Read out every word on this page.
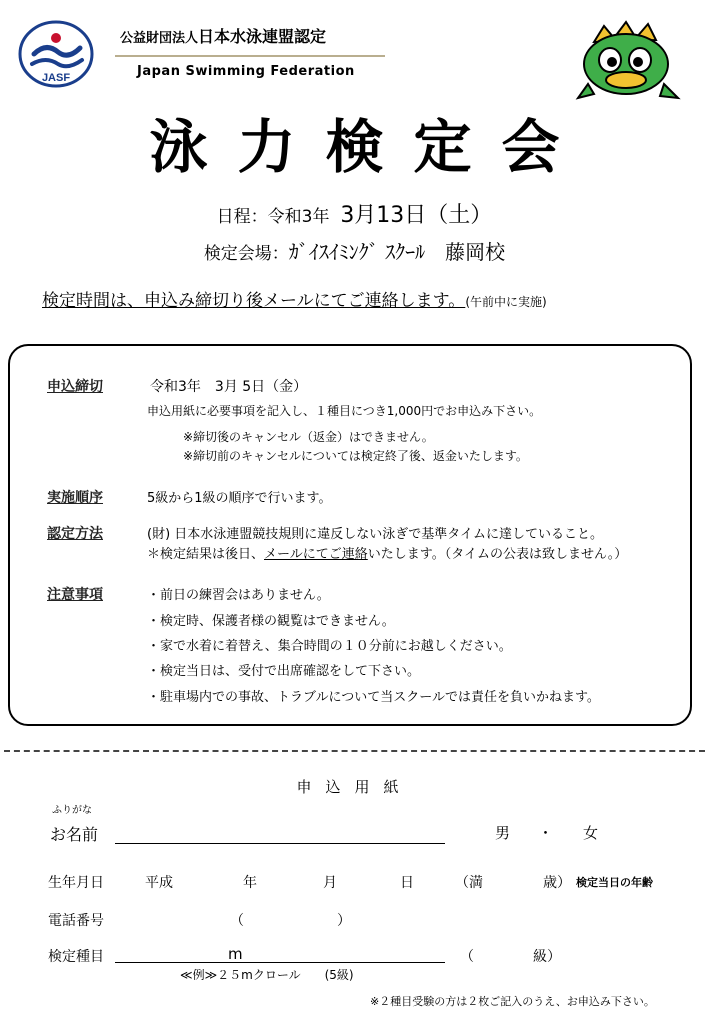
JASF
公益財団法人日本水泳連盟認定
Japan Swimming Federation
泳力検定会
日程：令和3年 3月13日（土）
検定会場：ｶﾞｲｽｲﾐﾝｸﾞ ｽｸｰﾙ　藤岡校
検定時間は、申込み締切り後メールにてご連絡します。(午前中に実施)
申込締切	令和3年　3月 5日（金）
申込用紙に必要事項を記入し、１種目につき1,000円でお申込み下さい。
※締切後のキャンセル（返金）はできません。
※締切前のキャンセルについては検定終了後、返金いたします。
実施順序	5級から1級の順序で行います。
認定方法	(財) 日本水泳連盟競技規則に違反しない泳ぎで基準タイムに達していること。
＊検定結果は後日、メールにてご連絡いたします。（タイムの公表は致しません。）
注意事項	・前日の練習会はありません。
・検定時、保護者様の観覧はできません。
・家で水着に着替え、集合時間の１０分前にお越しください。
・検定当日は、受付で出席確認をして下さい。
・駐車場内での事故、トラブルについて当スクールでは責任を負いかねます。
申込用紙
ふりがな
お名前	男 ・ 女
生年月日	平成	年	月	日	（満	歳） 検定当日の年齢
電話番号	（	）
検定種目	m	（	級）
≪例≫２５mクロール　　(5級)
※２種目受験の方は２枚ご記入のうえ、お申込み下さい。
